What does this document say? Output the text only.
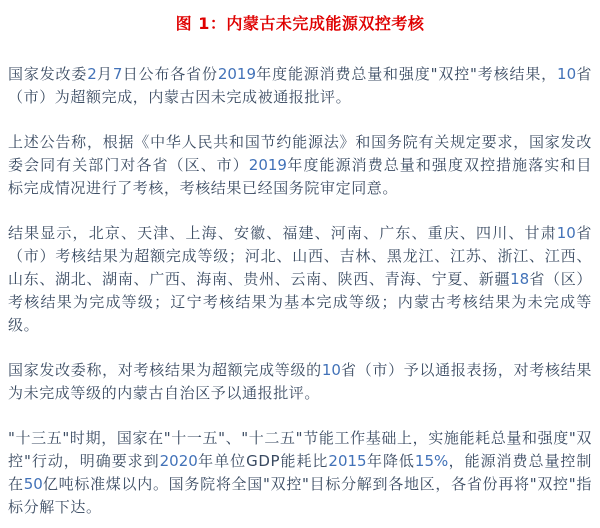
图 1：内蒙古未完成能源双控考核

国家发改委2月7日公布各省份2019年度能源消费总量和强度"双控"考核结果，10省（市）为超额完成，内蒙古因未完成被通报批评。

上述公告称，根据《中华人民共和国节约能源法》和国务院有关规定要求，国家发改委会同有关部门对各省（区、市）2019年度能源消费总量和强度双控措施落实和目标完成情况进行了考核，考核结果已经国务院审定同意。

结果显示，北京、天津、上海、安徽、福建、河南、广东、重庆、四川、甘肃10省（市）考核结果为超额完成等级；河北、山西、吉林、黑龙江、江苏、浙江、江西、山东、湖北、湖南、广西、海南、贵州、云南、陕西、青海、宁夏、新疆18省（区）考核结果为完成等级；辽宁考核结果为基本完成等级；内蒙古考核结果为未完成等级。

国家发改委称，对考核结果为超额完成等级的10省（市）予以通报表扬，对考核结果为未完成等级的内蒙古自治区予以通报批评。

"十三五"时期，国家在"十一五"、"十二五"节能工作基础上，实施能耗总量和强度"双控"行动，明确要求到2020年单位GDP能耗比2015年降低15%，能源消费总量控制在50亿吨标准煤以内。国务院将全国"双控"目标分解到各地区，各省份再将"双控"指标分解下达。
